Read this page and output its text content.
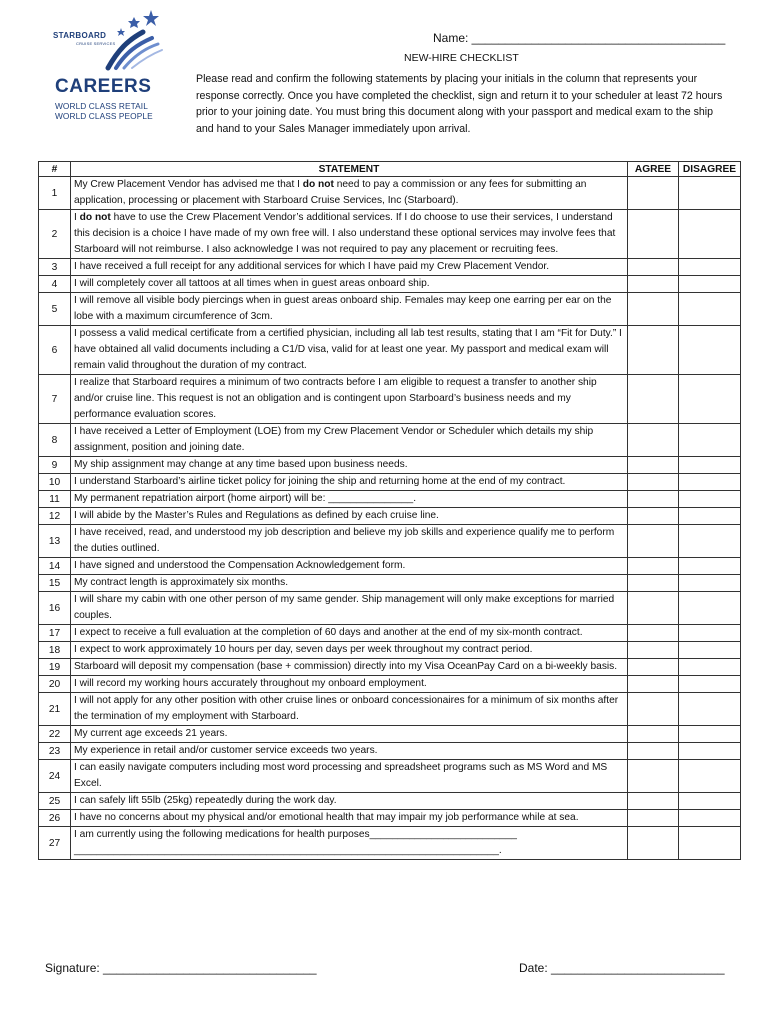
STARBOARD
CRUISE SERVICES
CAREERS
WORLD CLASS RETAIL
WORLD CLASS PEOPLE
Name: ______________________________________
NEW-HIRE CHECKLIST
Please read and confirm the following statements by placing your initials in the column that represents your response correctly. Once you have completed the checklist, sign and return it to your scheduler at least 72 hours prior to your joining date. You must bring this document along with your passport and medical exam to the ship and hand to your Sales Manager immediately upon arrival.
#	STATEMENT	AGREE	DISAGREE
1	My Crew Placement Vendor has advised me that I do not need to pay a commission or any fees for submitting an application, processing or placement with Starboard Cruise Services, Inc (Starboard).		
2	I do not have to use the Crew Placement Vendor’s additional services. If I do choose to use their services, I understand this decision is a choice I have made of my own free will. I also understand these optional services may involve fees that Starboard will not reimburse. I also acknowledge I was not required to pay any placement or recruiting fees.		
3	I have received a full receipt for any additional services for which I have paid my Crew Placement Vendor.		
4	I will completely cover all tattoos at all times when in guest areas onboard ship.		
5	I will remove all visible body piercings when in guest areas onboard ship. Females may keep one earring per ear on the lobe with a maximum circumference of 3cm.		
6	I possess a valid medical certificate from a certified physician, including all lab test results, stating that I am “Fit for Duty.” I have obtained all valid documents including a C1/D visa, valid for at least one year. My passport and medical exam will remain valid throughout the duration of my contract.		
7	I realize that Starboard requires a minimum of two contracts before I am eligible to request a transfer to another ship and/or cruise line. This request is not an obligation and is contingent upon Starboard’s business needs and my performance evaluation scores.		
8	I have received a Letter of Employment (LOE) from my Crew Placement Vendor or Scheduler which details my ship assignment, position and joining date.		
9	My ship assignment may change at any time based upon business needs.		
10	I understand Starboard’s airline ticket policy for joining the ship and returning home at the end of my contract.		
11	My permanent repatriation airport (home airport) will be: _______________.		
12	I will abide by the Master’s Rules and Regulations as defined by each cruise line.		
13	I have received, read, and understood my job description and believe my job skills and experience qualify me to perform the duties outlined.		
14	I have signed and understood the Compensation Acknowledgement form.		
15	My contract length is approximately six months.		
16	I will share my cabin with one other person of my same gender. Ship management will only make exceptions for married couples.		
17	I expect to receive a full evaluation at the completion of 60 days and another at the end of my six-month contract.		
18	I expect to work approximately 10 hours per day, seven days per week throughout my contract period.		
19	Starboard will deposit my compensation (base + commission) directly into my Visa OceanPay Card on a bi-weekly basis.		
20	I will record my working hours accurately throughout my onboard employment.		
21	I will not apply for any other position with other cruise lines or onboard concessionaires for a minimum of six months after the termination of my employment with Starboard.		
22	My current age exceeds 21 years.		
23	My experience in retail and/or customer service exceeds two years.		
24	I can easily navigate computers including most word processing and spreadsheet programs such as MS Word and MS Excel.		
25	I can safely lift 55lb (25kg) repeatedly during the work day.		
26	I have no concerns about my physical and/or emotional health that may impair my job performance while at sea.		
27	I am currently using the following medications for health purposes__________________________ ___________________________________________________________________________.		
Signature: ________________________________	Date: __________________________
